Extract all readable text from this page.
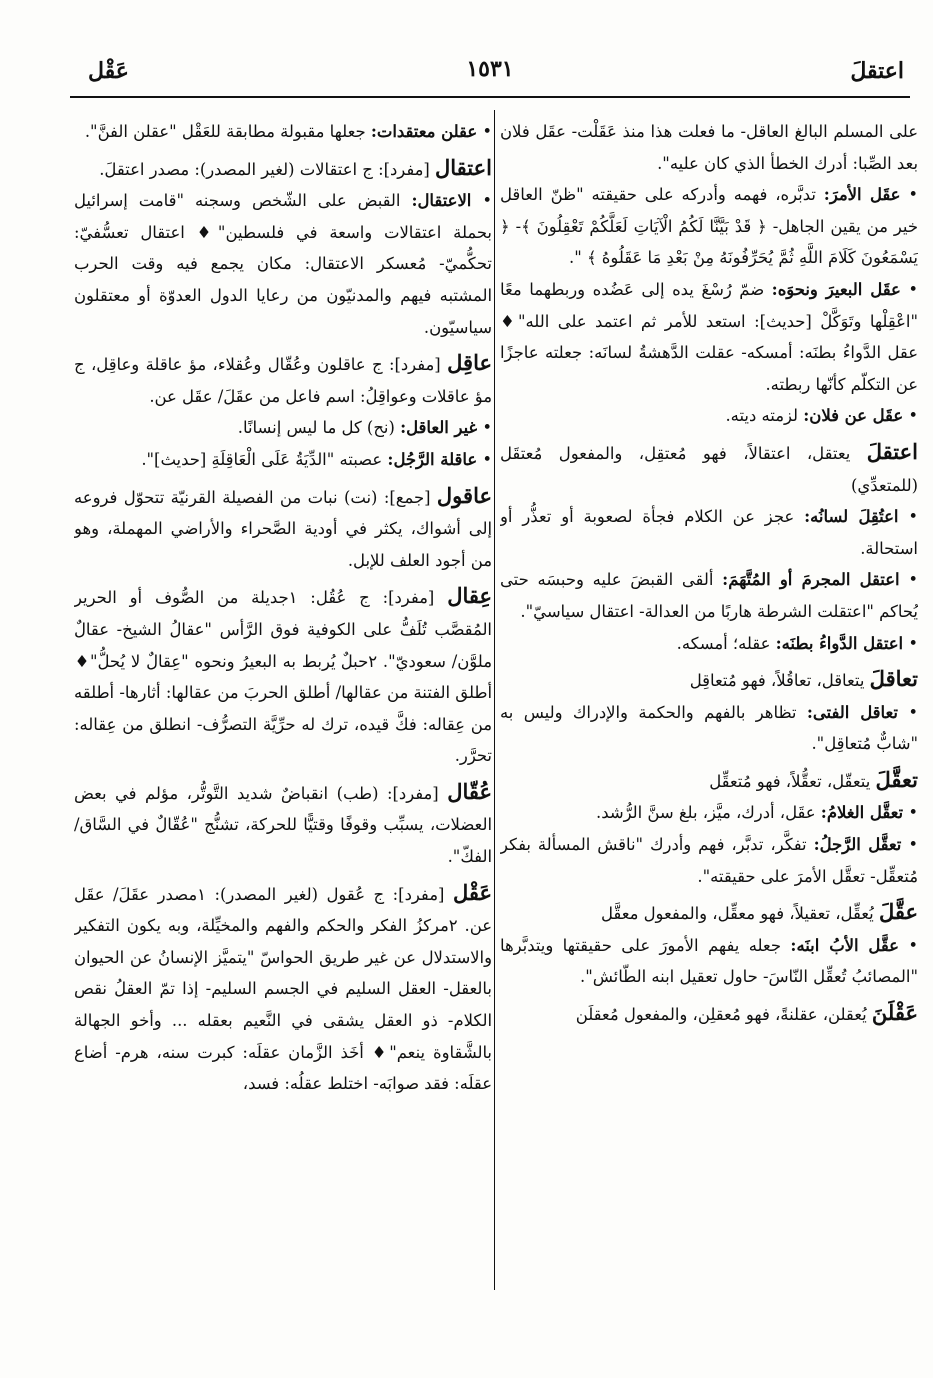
اعتقلَ
١٥٣١
عَقْل

على المسلم البالغ العاقل- ما فعلت هذا منذ عَقَلْت- عقَل فلان بعد الصِّبا: أدرك الخطأ الذي كان عليه".

• عقَل الأمرَ: تدبَّره، فهمه وأدركه على حقيقته "ظنّ العاقل خير من يقين الجاهل- ﴿ قَدْ بَيَّنَّا لَكُمُ الْآيَاتِ لَعَلَّكُمْ تَعْقِلُونَ ﴾- ﴿ يَسْمَعُونَ كَلَامَ اللَّهِ ثُمَّ يُحَرِّفُونَهُ مِنْ بَعْدِ مَا عَقَلُوهُ ﴾ ".

• عقَل البعيرَ ونحوَه: ضمّ رُسْغَ يده إلى عَضُده وربطهما معًا "اعْقِلْها وتَوَكَّلْ [حديث]: استعد للأمر ثم اعتمد على الله"♦ عقل الدَّواءُ بطنَه: أمسكه- عقلت الدَّهشةُ لسانَه: جعلته عاجزًا عن التكلّم كأنّها ربطته.

• عقَل عن فلان: لزمته ديته.

اعتقلَ يعتقل، اعتقالاً، فهو مُعتقِل، والمفعول مُعتقَل (للمتعدِّي)

• اعتُقِلَ لسانُه: عجز عن الكلام فجأة لصعوبة أو تعذُّر أو استحالة.

• اعتقل المجرمَ أو المُتَّهَمَ: ألقى القبضَ عليه وحبسَه حتى يُحاكم "اعتقلت الشرطة هاربًا من العدالة- اعتقال سياسيّ".

• اعتقل الدَّواءُ بطنَه: عقله؛ أمسكه.

تعاقلَ يتعاقل، تعاقُلاً، فهو مُتعاقِل

• تعاقل الفتى: تظاهر بالفهم والحكمة والإدراك وليس به "شابٌّ مُتعاقِل".

تعقَّلَ يتعقّل، تعقُّلاً، فهو مُتعقِّل

• تعقَّل الغلامُ: عقَل، أدرك، ميَّز، بلغ سنَّ الرُّشد.

• تعقَّل الرَّجلُ: تفكَّر، تدبَّر، فهم وأدرك "ناقش المسألة بفكر مُتعقِّل- تعقَّل الأمرَ على حقيقته".

عقَّلَ يُعقِّل، تعقيلاً، فهو معقِّل، والمفعول معقَّل

• عقَّل الأبُ ابنَه: جعله يفهم الأمورَ على حقيقتها ويتدبَّرها "المصائبُ تُعقِّل النّاسَ- حاول تعقيل ابنه الطّائش".

عَقْلَنَ يُعقلن، عقلنةً، فهو مُعقلِن، والمفعول مُعقلَن

• عقلن معتقدات: جعلها مقبولة مطابقة للعَقْل "عقلن الفنَّ".

اعتقال [مفرد]: ج اعتقالات (لغير المصدر): مصدر اعتقلَ.

• الاعتقال: القبض على الشّخص وسجنه "قامت إسرائيل بحملة اعتقالات واسعة في فلسطين"♦ اعتقال تعسُّفيّ: تحكُّميّ- مُعسكر الاعتقال: مكان يجمع فيه وقت الحرب المشتبه فيهم والمدنيّون من رعايا الدول العدوّة أو معتقلون سياسيّون.

عاقِل [مفرد]: ج عاقلون وعُقّال وعُقلاء، مؤ عاقلة وعاقِل، ج مؤ عاقلات وعواقِلُ: اسم فاعل من عقَلَ/ عقَل عن.

• غير العاقل: (نح) كل ما ليس إنسانًا.

• عاقلة الرَّجُل: عصبته "الدِّيَةُ عَلَى الْعَاقِلَةِ [حديث]".

عاقول [جمع]: (نت) نبات من الفصيلة القرنيّة تتحوّل فروعه إلى أشواك، يكثر في أودية الصَّحراء والأراضي المهملة، وهو من أجود العلف للإبل.

عِقال [مفرد]: ج عُقُل: ١جديلة من الصُّوف أو الحرير المُقصَّب تُلَفُّ على الكوفية فوق الرَّأس "عقالُ الشيخ- عقالٌ ملوَّن/ سعوديّ". ٢حبلٌ يُربط به البعيرُ ونحوه "عِقالٌ لا يُحلُّ"♦ أطلق الفتنة من عقالها/ أطلق الحربَ من عقالها: أثارها- أطلقه من عِقاله: فكَّ قيده، ترك له حرِّيَّة التصرُّف- انطلق من عِقاله: تحرَّر.

عُقّال [مفرد]: (طب) انقباضٌ شديد التَّوتُّر، مؤلم في بعض العضلات، يسبِّب وقوفًا وقتيًّا للحركة، تشنُّج "عُقّالٌ في السَّاق/ الفكّ".

عَقْل [مفرد]: ج عُقول (لغير المصدر): ١مصدر عقَلَ/ عقَل عن. ٢مركزُ الفكر والحكم والفهم والمخيِّلة، وبه يكون التفكير والاستدلال عن غير طريق الحواسّ "يتميَّز الإنسانُ عن الحيوان بالعقل- العقل السليم في الجسم السليم- إذا تمّ العقلُ نقص الكلام- ذو العقل يشقى في النَّعيم بعقله ... وأخو الجهالة بالشَّقاوة ينعم"♦ أخَذ الزَّمان عقلَه: كبرت سنه، هرم- أضاع عقلَه: فقد صوابَه- اختلط عقلُه: فسد،
